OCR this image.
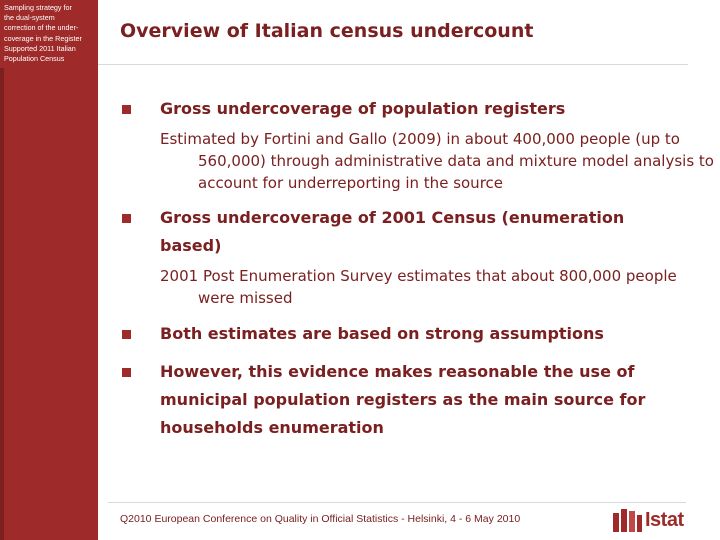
Sampling strategy for
the dual-system
correction of the under-
coverage in the Register
Supported 2011 Italian
Population Census
Overview of Italian census undercount
Gross undercoverage of population registers
Estimated by Fortini and Gallo (2009) in about 400,000 people (up to 560,000) through administrative data and mixture model analysis to account for underreporting in the source
Gross undercoverage of 2001 Census (enumeration based)
2001 Post Enumeration Survey estimates that about 800,000 people were missed
Both estimates are based on strong assumptions
However, this evidence makes reasonable the use of municipal population registers as the main source for households enumeration
Q2010 European Conference on Quality in Official Statistics - Helsinki, 4 - 6 May 2010	Istat
